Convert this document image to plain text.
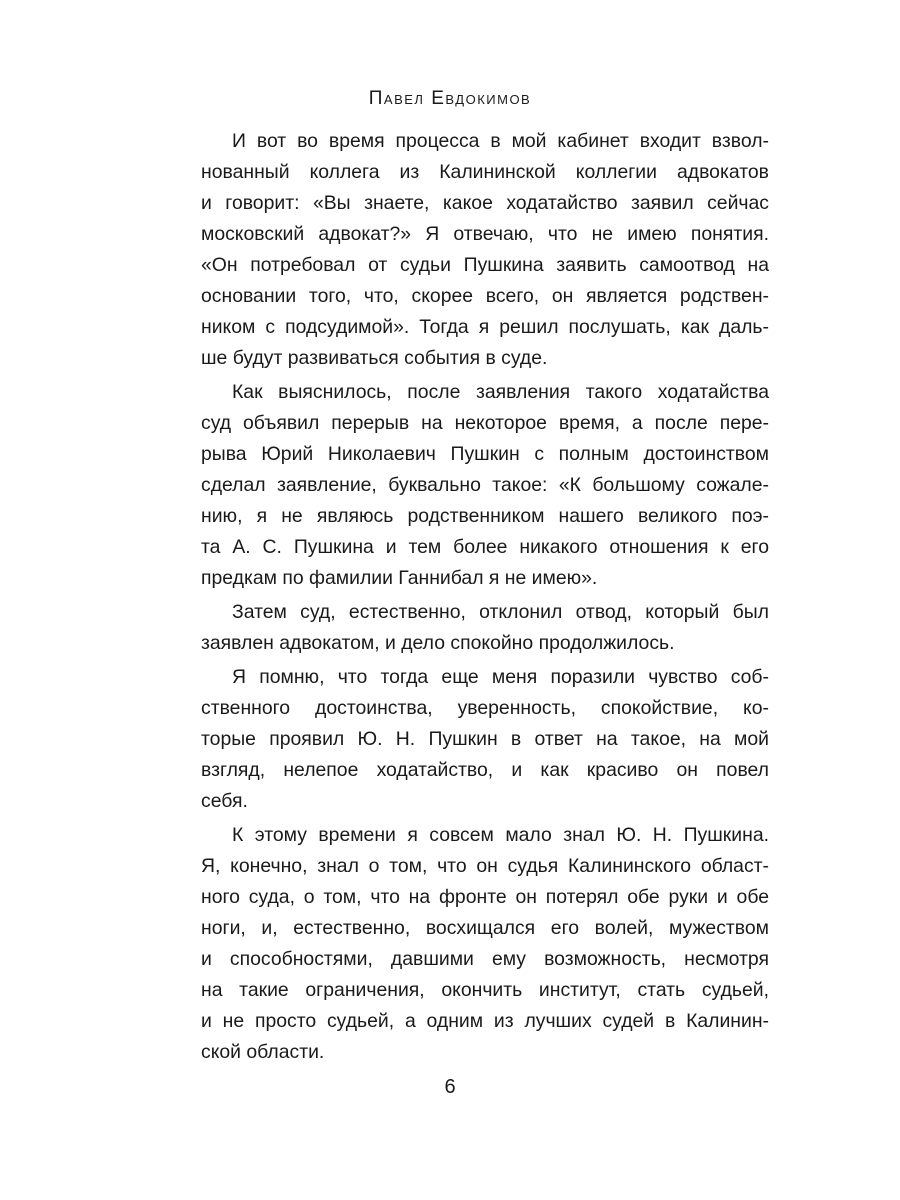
Павел Евдокимов
И вот во время процесса в мой кабинет входит взвол-
нованный коллега из Калининской коллегии адвокатов
и говорит: «Вы знаете, какое ходатайство заявил сейчас
московский адвокат?» Я отвечаю, что не имею понятия.
«Он потребовал от судьи Пушкина заявить самоотвод на
основании того, что, скорее всего, он является родствен-
ником с подсудимой». Тогда я решил послушать, как даль-
ше будут развиваться события в суде.
Как выяснилось, после заявления такого ходатайства
суд объявил перерыв на некоторое время, а после пере-
рыва Юрий Николаевич Пушкин с полным достоинством
сделал заявление, буквально такое: «К большому сожале-
нию, я не являюсь родственником нашего великого поэ-
та А. С. Пушкина и тем более никакого отношения к его
предкам по фамилии Ганнибал я не имею».
Затем суд, естественно, отклонил отвод, который был
заявлен адвокатом, и дело спокойно продолжилось.
Я помню, что тогда еще меня поразили чувство соб-
ственного достоинства, уверенность, спокойствие, ко-
торые проявил Ю. Н. Пушкин в ответ на такое, на мой
взгляд, нелепое ходатайство, и как красиво он повел
себя.
К этому времени я совсем мало знал Ю. Н. Пушкина.
Я, конечно, знал о том, что он судья Калининского област-
ного суда, о том, что на фронте он потерял обе руки и обе
ноги, и, естественно, восхищался его волей, мужеством
и способностями, давшими ему возможность, несмотря
на такие ограничения, окончить институт, стать судьей,
и не просто судьей, а одним из лучших судей в Калинин-
ской области.
6
